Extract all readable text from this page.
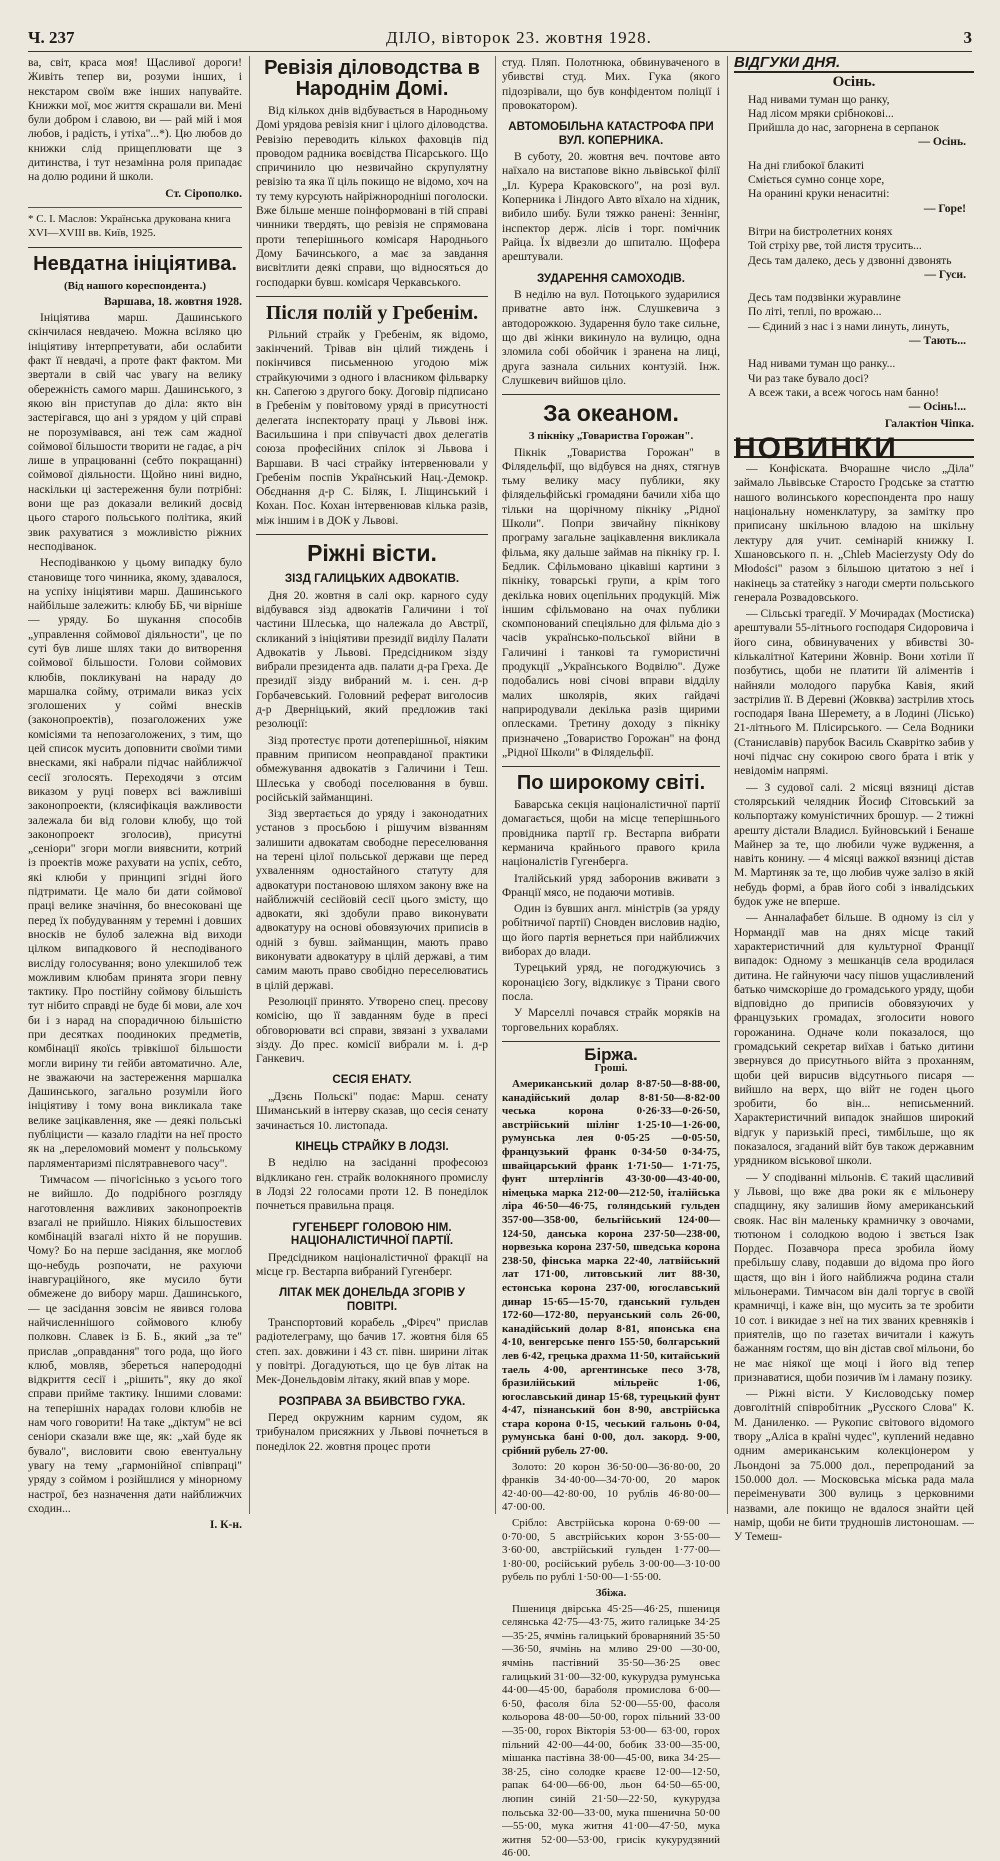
Ч. 237	ДІЛО, вівторок 23. жовтня 1928.	3

ва, світ, краса моя! Щасливої дороги! Живіть тепер ви, розуми інших, і некстаром своїм вже інших напувайте. Книжки мої, моє життя скрашали ви. Мені були добром і славою, ви — рай мій і моя любов, і радість, і утіха"...*). Цю любов до книжки слід прищеплювати ще з дитинства, і тут незамінна роля припадає на долю родини й школи.

Ст. Сірополко.
* С. І. Маслов: Українська друкована книга XVI—XVIII вв. Київ, 1925.
Невдатна ініціятива.
(Від нашого кореспондента.)
Варшава, 18. жовтня 1928.

Ініціятива марш. Дашинського скінчилася невдачею. Можна всіляко цю ініціятиву інтерпретувати, аби ослабити факт її невдачі, а проте факт фактом. Ми звертали в свій час увагу на велику обережність самого марш. Дашинського, з якою він приступав до діла: якто він застерігався, що ані з урядом у цій справі не порозумівався, ані теж сам жадної соймової більшости творити не гадає, а річ лише в упрацюванні (себто покращанні) соймової діяльности. Щойно нині видно, наскільки ці застереження були потрібні: вони ще раз доказали великий досвід цього старого польського політика, який звик рахуватися з можливістю ріжних несподіванок.

Несподіванкою у цьому випадку було становище того чинника, якому, здавалося, на успіху ініціятиви марш. Дашинського найбільше залежить: клюбу ББ, чи вірніше — уряду. Бо шукання способів „упрaвлення соймової діяльности", це по суті був лише шлях таки до витворення соймової більшости. Голови соймових клюбів, покликувані на нараду до маршалка сойму, отримали виказ усіх зголошених у соймі внесків (законопроектів), позаголожених уже комісіями та непозаголожених, з тим, що цей список мусить доповнити своїми тими внесками, які набрали підчас найближчої сесії зголосять. Переходячи з отсим виказом у руці поверх всі важливіші законопроекти, (кляcифікація важливости залежала би від голови клюбу, що той законопроект зголосив), присутні „сеніори" згори могли виявснити, котрий із проектів може рахувати на успіх, себто, які клюби у принципі згідні його підтримати. Це мало би дати соймової праці велике значіння, бо внесоковані ще перед їх побудуванням у теремні і довших вносків не булоб залежна від виходи цілком випадкового й несподіваного висліду голосування; воно улекшилоб теж можливим клюбам принята згори певну тактику. Про постійну соймову більшість тут нібито справді не буде бі мови, але хоч би і з нарад на спорадичною більшістю при десятках поодиноких предметів, комбінації якоїсь трівкішої більшости могли вирину ти гейби автоматично. Але, не зважаючи на застереження маршалка Дашинського, загально розуміли його ініціятиву і тому вона викликала таке велике зацікавлення, яке — деякі польські публіцисти — казало гладіти на неї просто як на „переломовий момент у польському парляментаризмі післятравневого часу".

Тимчасом — пічогісінько з усього того не вийшло. До подрібного розгляду наготовлення важливих законопроектів взагалі не прийшло. Ніяких більшостевих комбінацій взагалі ніхто й не порушив. Чому? Бо на перше засідання, яке моглоб що-небудь розпочати, не рахуючи інавгураційного, яке мусило бути обмежене до вибору марш. Дашинського, — це засідання зовсім не явився голова найчисленнішого соймового клюбу полковн. Славек із Б. Б., який „за те" прислав „оправдання" того рода, що його клюб, мовляв, збереться наперододні відкриття сесії і „рішить", яку до якої справи прийме тактику. Іншими словами: на теперішніх нарадах голови клюбів не нам чого говорити! На таке „діктум" не всі сеніори сказали вже ще, як: „хай буде як бувало", висловити свою евентуальну увагу на тему „гармонійної співпраці" уряду з соймом і розійшлися у мінорному настрої, без назначення дати найближчих сходин...

І. К-н.
Ревізія діловодства в Народнім Домі.

Від кількох днів відбувається в Народньому Домі урядова ревізія книг і цілого діловодства. Ревізію переводить кількох фаховців під проводом радника воєвідства Пісарського. Що спричинило цю незвичайно скрупулятну ревізію та яка її ціль покищо не відомо, хоч на ту тему курсують найріжнородніші поголоски. Вже більше менше поінформовані в тій справі чинники твердять, що ревізія не спрямована проти теперішнього комісаря Народнього Дому Бачинського, а має за завдання висвітлити деякі справи, що відносяться до господарки бувш. комісаря Черкавського.

Після полій у Гребенім.

Рільний страйк у Гребенім, як відомо, закінчений. Трівав він цілий тиждень і покінчився письменною угодою між страйкуючими з одного і власником фільварку кн. Сапегою з другого боку. Договір підписано в Гребенім у повітовому уряді в присутності делегата інспекторату праці у Львові інж. Васильшина і при співучасті двох делегатів союза професійних спілок зі Львова і Варшави. В часі страйку інтервенювали у Гребенім поспів Український Нац.-Демокр. Обєднання д-р С. Біляк, І. Ліщинський і Кохан. Пос. Кохан інтервенював кілька разів, між іншим і в ДОК у Львові.

Ріжні вісти.
ЗІЗД ГАЛИЦЬКИХ АДВОКАТІВ.

Дня 20. жовтня в салі окр. карного суду відбувався зізд адвокатів Галичини і тої частини Шлеська, що належала до Австрії, скликаний з ініціятиви президії виділу Палати Адвокатів у Львові. Предсідником зізду вибрали президента адв. палати д-ра Греха. Де президії зізду вибраний м. і. сен. д-р Горбачевський. Головний реферат виголосив д-р Дверніцький, який предложив такі резолюції:

Зізд протестує проти дотеперішньої, ніяким правним приписом неоправданої практики обмежування адвокатів з Галичини і Теш. Шлеська у свободі поселювання в бувш. російській займанщині.

Зізд звертається до уряду і законодатних установ з просьбою і рішучим візванням залишити адвокатам свободне переселювання на терені цілої польської держави ще перед ухваленням одностайного статуту для адвокатури постановою шляхом закону вже на найближчій сесійовій сесії цього змісту, що адвокати, які здобули право виконувати адвокатуру на основі обовязуючих приписів в одній з бувш. займанщин, мають право виконувати адвокатуру в цілій державі, а тим самим мають право свобідно переселюватись в цілій державі.

Резолюції принято. Утворено спец. пресову комісію, що її завданням буде в пресі обговорювати всі справи, звязані з ухвалами зізду. До прес. комісії вибрали м. і. д-р Ганкевич.

СЕСІЯ ЕНАТУ.

„Дзєнь Польскі" подає: Марш. сенату Шиманський в інтерву сказав, що сесія сенату зачинається 10. листопада.

КІНЕЦЬ СТРАЙКУ В ЛОДЗІ.

В неділю на засіданні професоюз відкликано ген. страйк волокняного промислу в Лодзі 22 голосами проти 12. В понеділок почнеться правильна праця.

ГУГЕНБЕРГ ГОЛОВОЮ НІМ. НАЦІОНАЛІСТИЧНОЇ ПАРТІЇ.

Предсідником націоналістичної фракції на місце гр. Вестарпа вибраний Гугенберг.

ЛІТАК МЕК ДОНЕЛЬДА ЗГОРІВ У ПОВІТРІ.

Транспортовий корабель „Фірєч" прислав радіотелеграму, що бачив 17. жовтня біля 65 степ. зах. довжини і 43 ст. півн. ширини літак у повітрі. Догадуються, що це був літак на Мек-Донельдовім літаку, який впав у море.

РОЗПРАВА ЗА ВБИВСТВО ГУКА.

Перед окружним карним судом, як трибуналом присяжних у Львові почнеться в понеділок 22. жовтня процес проти

студ. Пляп. Полотнюка, обвинуваченого в убивстві студ. Мих. Гука (якого підозрівали, що був конфідентом поліції і провокатором).

АВТОМОБІЛЬНА КАТАСТРОФА ПРИ ВУЛ. КОПЕРНИКА.

В суботу, 20. жовтня веч. почтове авто наїхало на вистапове вікно львівської філії „Іл. Курера Краковского", на розі вул. Коперника і Ліндого Авто вїхало на хідник, вибило шибу. Були тяжко ранені: Зеннінг, інспектор держ. лісів і торг. помічник Райца. Їх відвезли до шпиталю. Щофера арештували.

ЗУДАРЕННЯ САМОХОДІВ.

В неділю на вул. Потоцького зударилися приватне авто інж. Слушкевича з автодорожкою. Зударення було таке сильне, що дві жінки викинуло на вулицю, одна зломила собі обойчик і зранена на лиці, друга зазнала сильних контузій. Інж. Слушкевич вийшов ціло.

За океаном.
З пікніку „Товариства Горожан".

Пікнік „Товариства Горожан" в Філядельфії, що відбувся на днях, стягнув тьму велику масу публики, яку філядельфійські громадяни бачили хіба що тільки на щорічному пікніку „Рідної Школи". Попри звичайну пікнікову програму загальне зацікавлення викликала фільма, яку дальше займав на пікніку гр. І. Бедлик. Сфільмовано цікавіші картини з пікніку, товарські групи, а крім того декілька нових оцепільних продукцій. Між іншим сфільмовано на очах публики скомпонований спеціяльно для фільма діо з часів українсько-польської війни в Галичині і танкові та гумористичні продукції „Українського Водвілю". Дуже подобались нові січові вправи відділу малих школярів, яких гайдачі наприродували декілька разів щирими оплесками. Третину доходу з пікніку призначено „Товариство Горожан" на фонд „Рідної Школи" в Філядельфії.

По широкому світі.

Баварська секція націоналістичної партії домагається, щоби на місце теперішнього провідника партії гр. Вестарпа вибрати керманича крайнього правого крила націоналістів Гугенберга.

Італійський уряд заборонив вживати з Франції мясо, не подаючи мотивів.

Один із бувших англ. міністрів (за уряду робітничої партії) Сновден висловив надію, що його партія вернеться при найближчих виборах до влади.

Турецький уряд, не погоджуючись з коронацією Зогу, відкликує з Тірани свого посла.

У Марселлі почався страйк моряків на торговельних кораблях.

Біржа.
Гроші.

Американський долар 8·87·50—8·88·00, канадійський долар 8·81·50—8·82·00 чеська корона 0·26·33—0·26·50, австрійський шілінг 1·25·10—1·26·00, румунська лея 0·05·25 —0·05·50, французький франк 0·34·50 0·34·75, швайцарський франк 1·71·50— 1·71·75, фунт штерлінгів 43·30·00—43·40·00, німецька марка 212·00—212·50, італійська ліра 46·50—46·75, голяндський гульден 357·00—358·00, бельгійський 124·00—124·50, данська корона 237·50—238·00, норвезька корона 237·50, шведська корона 238·50, фінська марка 22·40, латвійський лат 171·00, литовський лит 88·30, естонська корона 237·00, югославський динар 15·65—15·70, гданський гульден 172·60—172·80, перуанський соль 26·00, канадійський долар 8·81, японська єна 4·10, венгерське пенго 155·50, болгарський лев 6·42, грецька драхма 11·50, китайський таель 4·00, аргентинське песо 3·78, бразилійський мільрейс 1·06, югославський динар 15·68, турецький фунт 4·47, пізнанський бон 8·90, австрійська стара корона 0·15, чеський гальонь 0·04, румунська бані 0·00, дол. закорд. 9·00, срібний рубель 27·00.

Золото: 20 корон 36·50·00—36·80·00, 20 франків 34·40·00—34·70·00, 20 марок 42·40·00—42·80·00, 10 рублів 46·80·00—47·00·00.

Срібло: Австрійська корона 0·69·00 —0·70·00, 5 австрійських корон 3·55·00—3·60·00, австрійський гульден 1·77·00— 1·80·00, російський рубель 3·00·00—3·10·00 рубель по рублі 1·50·00—1·55·00.

Збіжа.

Пшениця двірська 45·25—46·25, пшениця селянська 42·75—43·75, жито галицьке 34·25—35·25, ячмінь галицький броварняний 35·50—36·50, ячмінь на мливо 29·00 —30·00, ячмінь пастівний 35·50—36·25 овес галицький 31·00—32·00, кукурудза румунська 44·00—45·00, бараболя промислова 6·00—6·50, фасоля біла 52·00—55·00, фасоля кольорова 48·00—50·00, горох пільний 33·00—35·00, горох Вікторія 53·00— 63·00, горох пільний 42·00—44·00, бобик 33·00—35·00, мішанка пастівна 38·00—45·00, вика 34·25—38·25, сіно солодке краєве 12·00—12·50, рапак 64·00—66·00, льон 64·50—65·00, люпин синій 21·50—22·50, кукурудза польська 32·00—33·00, мука пшенична 50·00—55·00, мука житня 41·00—47·50, мука житня 52·00—53·00, грисік кукурудзяний 46·00.

ВІДГУКИ ДНЯ.
Осінь.

Над нивами туман що ранку,

Над лісом мряки срібнокові...

Прийшла до нас, загорнена в серпанок

— Осінь.

На дні глибокої блакиті

Сміється сумно сонце хоре,

На оранині круки ненаситні:

— Горе!

Вітри на бистролетних конях

Той стріху рве, той листя трусить...

Десь там далеко, десь у дзвонні дзвонять

— Гуси.

Десь там подзвінки журавлине

По літі, теплі, по врожаю...

— Єдиний з нас і з нами линуть, линуть,

— Тають...

Над нивами туман що ранку...

Чи раз таке бувало досі?

А всеж таки, а всеж чогось нам банно!

— Осінь!...
Галактіон Чіпка.
НОВИНКИ

— Конфіската. Вчорашне число „Діла" займало Львівське Старосто Гродське за статтю нашого волинського кореспондента про нашу національну номенклатуру, за замітку про приписану шкільною владою на шкільну лектуру для учит. семінарій книжку І. Хшановського п. н. „Chleb Macierzysty Ody do Młodości" разом з більшою цитатою з неї і накінець за статейку з нагоди смерти польського генерала Розвадовського.

— Сільські трагедії. У Мочирадах (Мостиска) арештували 55-літнього господаря Сидоровича і його сина, обвинувачених у вбивстві 30-кількалітної Катерини Жовнір. Вони хотіли її позбутись, щоби не платити їй аліментів і найняли молодого парубка Кавія, який застрілив її. В Деревні (Жовква) застрілив хтось господаря Івана Шеремету, а в Лодині (Лісько) 21-літнього М. Плісирського. — Села Водники (Станиславів) парубок Василь Скаврітко забив у ночі підчас сну сокирою свого брата і втік у невідомім напрямі.

— З судової салі. 2 місяці вязниці дістав столярський челядник Йосиф Сітовський за кольпортажу комуністичних брошур. — 2 тижні арешту дістали Владисл. Буйновський і Бенаше Майнер за те, що любили чуже вудження, а навіть конину. — 4 місяці важкої вязниці дістав М. Мартиняк за те, що любив чуже залізо в якій небудь формі, а брав його собі з інвалідських будок уже не вперше.

— Анналафабет більше. В одному із сіл у Нормандії мав на днях місце такий характеристичний для культурної Франції випадок: Одному з мешканців села вродилася дитина. Не гайнуючи часу пішов ущасливлений батько чимскоріше до громадського уряду, щоби відповідно до приписів обовязуючих у французьких громадах, зголосити нового горожанина. Одначе коли показалося, що громадський секретар виїхав і батько дитини звернувся до присутнього війта з проханням, щоби цей вирucив відсутнього писаря — вийшло на верх, що війт не годен цього зробити, бо він... неписьменний. Характеристичний випадок знайшов широкий відгук у паризькій пресі, тимбільше, що як показалося, згаданий війт був також державним урядником віськової школи.

— У сподіванні мільонів. Є такий щасливий у Львові, що вже два роки як є мільонеру спадщину, яку залишив йому американський свояк. Нас він маленьку крамничку з овочами, тютюном і солодкою водою і звється Ізак Пордес. Позавчора преса зробила йому пребільшу славу, подавши до відома про його щастя, що він і його найближча родина стали мільонерами. Тимчасом він далі торгує в своїй крамничці, і каже він, що мусить за те зробити 10 сот. і викидае з неї на тих званих кревняків і приятелів, що по газетах вичитали і кажуть бажанням гостям, що він дістав свої мільони, бо не має ніякої ще моці і його від тепер признаватися, щоби позичив їм і ламану позику.

— Ріжні вісти. У Кисловодську помер довголітній співробітник „Русского Слова" К. М. Даниленко. — Рукопис світового відомого твору „Аліса в країні чудес", куплений недавно одним американським колекціонером у Льондоні за 75.000 дол., перепроданий за 150.000 дол. — Московська міська рада мала переіменувати 300 вулиць з церковними назвами, але покищо не вдалося знайти цей намір, щоби не бити трудношів листоношам. — У Темеш-
